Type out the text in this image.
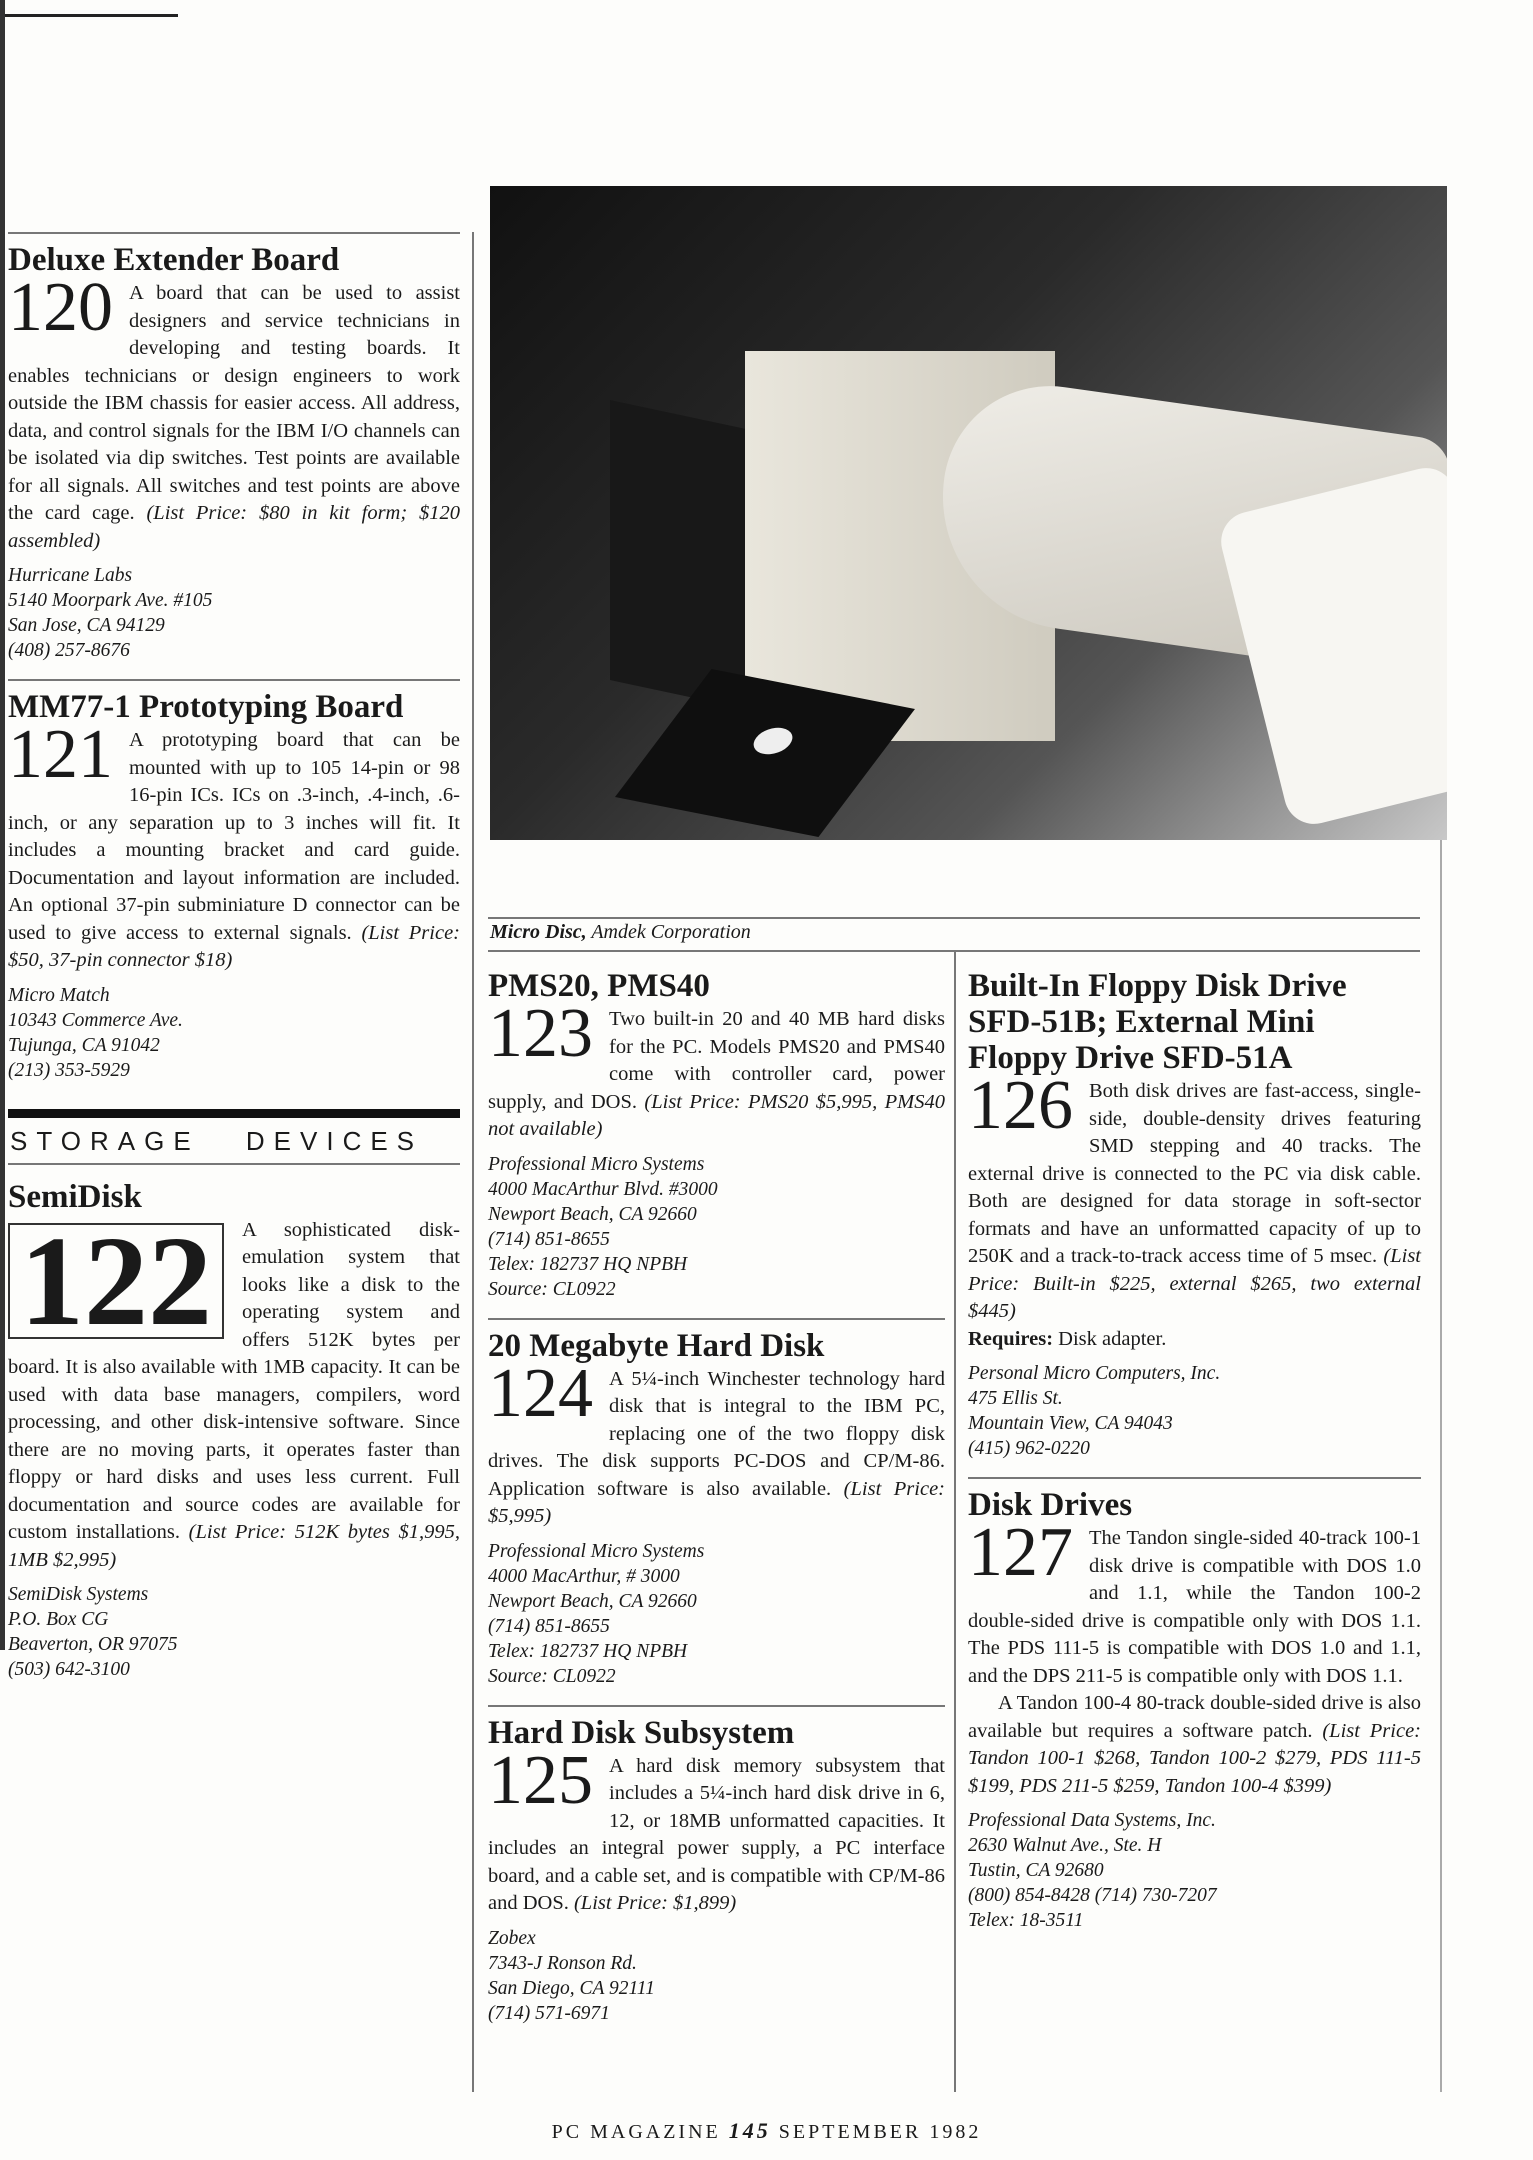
Micro Disc, Amdek Corporation
Deluxe Extender Board

120 A board that can be used to assist designers and service technicians in developing and testing boards. It enables technicians or design engineers to work outside the IBM chassis for easier access. All address, data, and control signals for the IBM I/O channels can be isolated via dip switches. Test points are available for all signals. All switches and test points are above the card cage. (List Price: $80 in kit form; $120 assembled)

Hurricane Labs
5140 Moorpark Ave. #105
San Jose, CA 94129
(408) 257-8676
MM77-1 Prototyping Board

121 A prototyping board that can be mounted with up to 105 14-pin or 98 16-pin ICs. ICs on .3-inch, .4-inch, .6-inch, or any separation up to 3 inches will fit. It includes a mounting bracket and card guide. Documentation and layout information are included. An optional 37-pin subminiature D connector can be used to give access to external signals. (List Price: $50, 37-pin connector $18)

Micro Match
10343 Commerce Ave.
Tujunga, CA 91042
(213) 353-5929
STORAGE DEVICES
SemiDisk

122	A sophisticated disk-emulation system that looks like a disk to the operating system and offers 512K bytes per board. It is also available with 1MB capacity. It can be used with data base managers, compilers, word processing, and other disk-intensive software. Since there are no moving parts, it operates faster than floppy or hard disks and uses less current. Full documentation and source codes are available for custom installations. (List Price: 512K bytes $1,995, 1MB $2,995)

SemiDisk Systems
P.O. Box CG
Beaverton, OR 97075
(503) 642-3100
PMS20, PMS40

123 Two built-in 20 and 40 MB hard disks for the PC. Models PMS20 and PMS40 come with controller card, power supply, and DOS. (List Price: PMS20 $5,995, PMS40 not available)

Professional Micro Systems
4000 MacArthur Blvd. #3000
Newport Beach, CA 92660
(714) 851-8655
Telex: 182737 HQ NPBH
Source: CL0922
20 Megabyte Hard Disk

124 A 5¼-inch Winchester technology hard disk that is integral to the IBM PC, replacing one of the two floppy disk drives. The disk supports PC-DOS and CP/M-86. Application software is also available. (List Price: $5,995)

Professional Micro Systems
4000 MacArthur, # 3000
Newport Beach, CA 92660
(714) 851-8655
Telex: 182737 HQ NPBH
Source: CL0922
Hard Disk Subsystem

125 A hard disk memory subsystem that includes a 5¼-inch hard disk drive in 6, 12, or 18MB unformatted capacities. It includes an integral power supply, a PC interface board, and a cable set, and is compatible with CP/M-86 and DOS. (List Price: $1,899)

Zobex
7343-J Ronson Rd.
San Diego, CA 92111
(714) 571-6971
Built-In Floppy Disk Drive SFD-51B; External Mini Floppy Drive SFD-51A

126 Both disk drives are fast-access, single-side, double-density drives featuring SMD stepping and 40 tracks. The external drive is connected to the PC via disk cable. Both are designed for data storage in soft-sector formats and have an unformatted capacity of up to 250K and a track-to-track access time of 5 msec. (List Price: Built-in $225, external $265, two external $445)

Requires: Disk adapter.

Personal Micro Computers, Inc.
475 Ellis St.
Mountain View, CA 94043
(415) 962-0220
Disk Drives

127 The Tandon single-sided 40-track 100-1 disk drive is compatible with DOS 1.0 and 1.1, while the Tandon 100-2 double-sided drive is compatible only with DOS 1.1. The PDS 111-5 is compatible with DOS 1.0 and 1.1, and the DPS 211-5 is compatible only with DOS 1.1.

A Tandon 100-4 80-track double-sided drive is also available but requires a software patch. (List Price: Tandon 100-1 $268, Tandon 100-2 $279, PDS 111-5 $199, PDS 211-5 $259, Tandon 100-4 $399)

Professional Data Systems, Inc.
2630 Walnut Ave., Ste. H
Tustin, CA 92680
(800) 854-8428 (714) 730-7207
Telex: 18-3511
PC MAGAZINE 145 SEPTEMBER 1982
